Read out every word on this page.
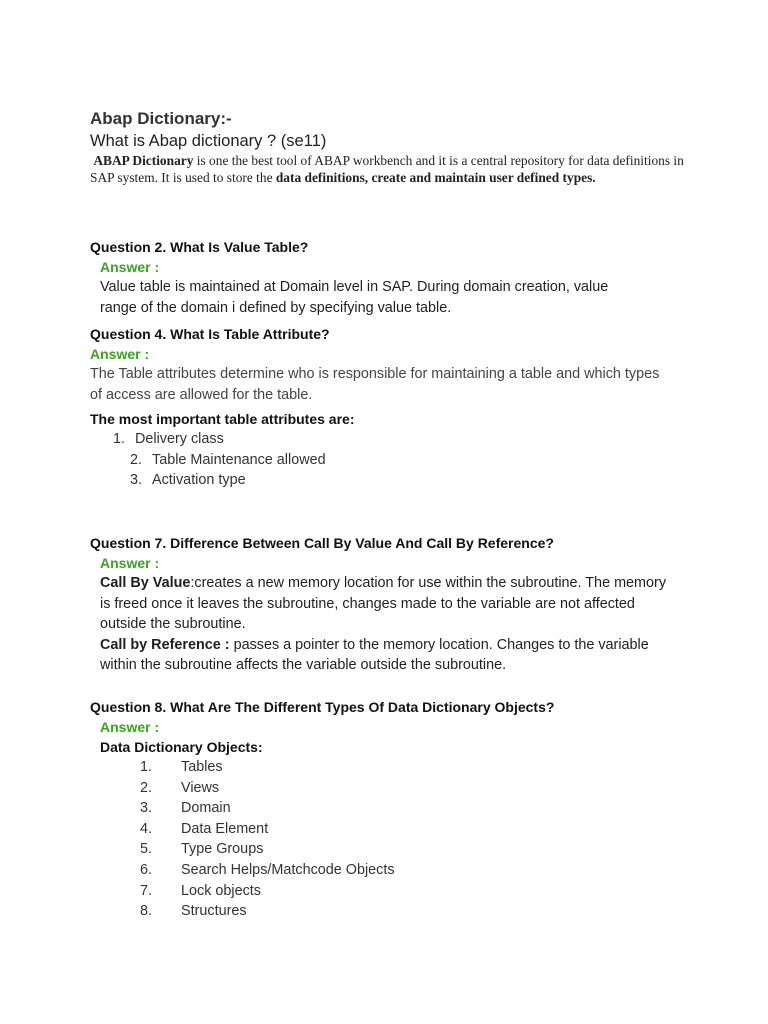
Abap Dictionary:-

What is Abap dictionary ? (se11)

ABAP Dictionary is one the best tool of ABAP workbench and it is a central repository for data definitions in SAP system. It is used to store the data definitions, create and maintain user defined types.

Question 2. What Is Value Table?

Answer :

Value table is maintained at Domain level in SAP. During domain creation, value range of the domain i defined by specifying value table.

Question 4. What Is Table Attribute?

Answer :

The Table attributes determine who is responsible for maintaining a table and which types of access are allowed for the table.

The most important table attributes are:

1. Delivery class
2. Table Maintenance allowed
3. Activation type

Question 7. Difference Between Call By Value And Call By Reference?

Answer :

Call By Value:creates a new memory location for use within the subroutine. The memory is freed once it leaves the subroutine, changes made to the variable are not affected outside the subroutine.

Call by Reference : passes a pointer to the memory location. Changes to the variable within the subroutine affects the variable outside the subroutine.

Question 8. What Are The Different Types Of Data Dictionary Objects?

Answer :

Data Dictionary Objects:

1. Tables
2. Views
3. Domain
4. Data Element
5. Type Groups
6. Search Helps/Matchcode Objects
7. Lock objects
8. Structures
